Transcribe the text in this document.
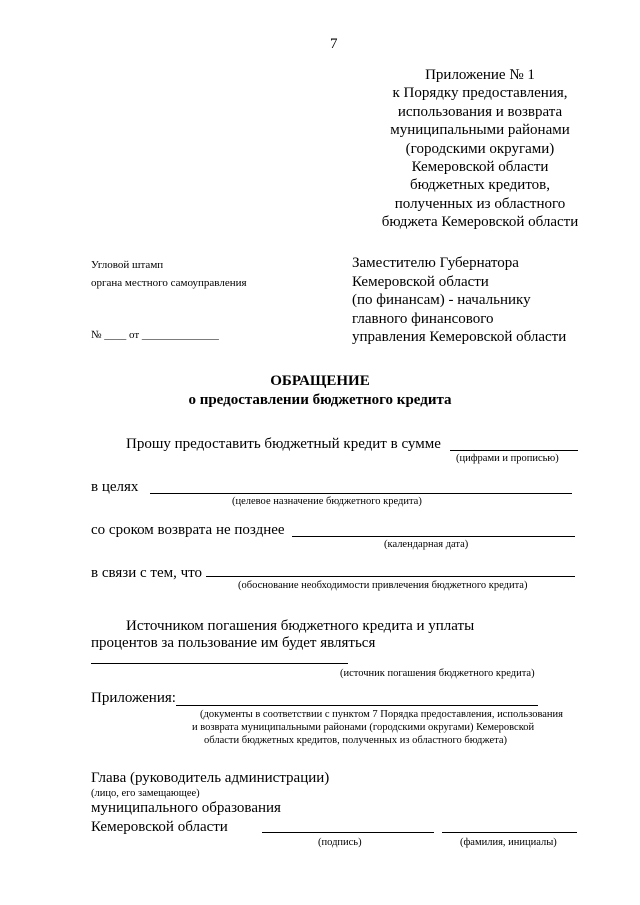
7
Приложение № 1
к Порядку предоставления,
использования и возврата
муниципальными районами
(городскими округами)
Кемеровской области
бюджетных кредитов,
полученных из областного
бюджета Кемеровской области
Угловой штамп
органа местного самоуправления
№ ____ от ______________
Заместителю Губернатора
Кемеровской области
(по финансам) - начальнику
главного финансового
управления Кемеровской области
ОБРАЩЕНИЕ
о предоставлении бюджетного кредита
Прошу предоставить бюджетный кредит в сумме
(цифрами и прописью)
в целях
(целевое назначение бюджетного кредита)
со сроком возврата не позднее
(календарная дата)
в связи с тем, что
(обоснование необходимости привлечения бюджетного кредита)
Источником погашения бюджетного кредита и уплаты
процентов за пользование им будет являться
(источник погашения бюджетного кредита)
Приложения:
(документы в соответствии с пунктом 7 Порядка предоставления, использования
и возврата муниципальными районами (городскими округами) Кемеровской
области бюджетных кредитов, полученных из областного бюджета)
Глава (руководитель администрации)
(лицо, его замещающее)
муниципального образования
Кемеровской области
(подпись)	(фамилия, инициалы)
